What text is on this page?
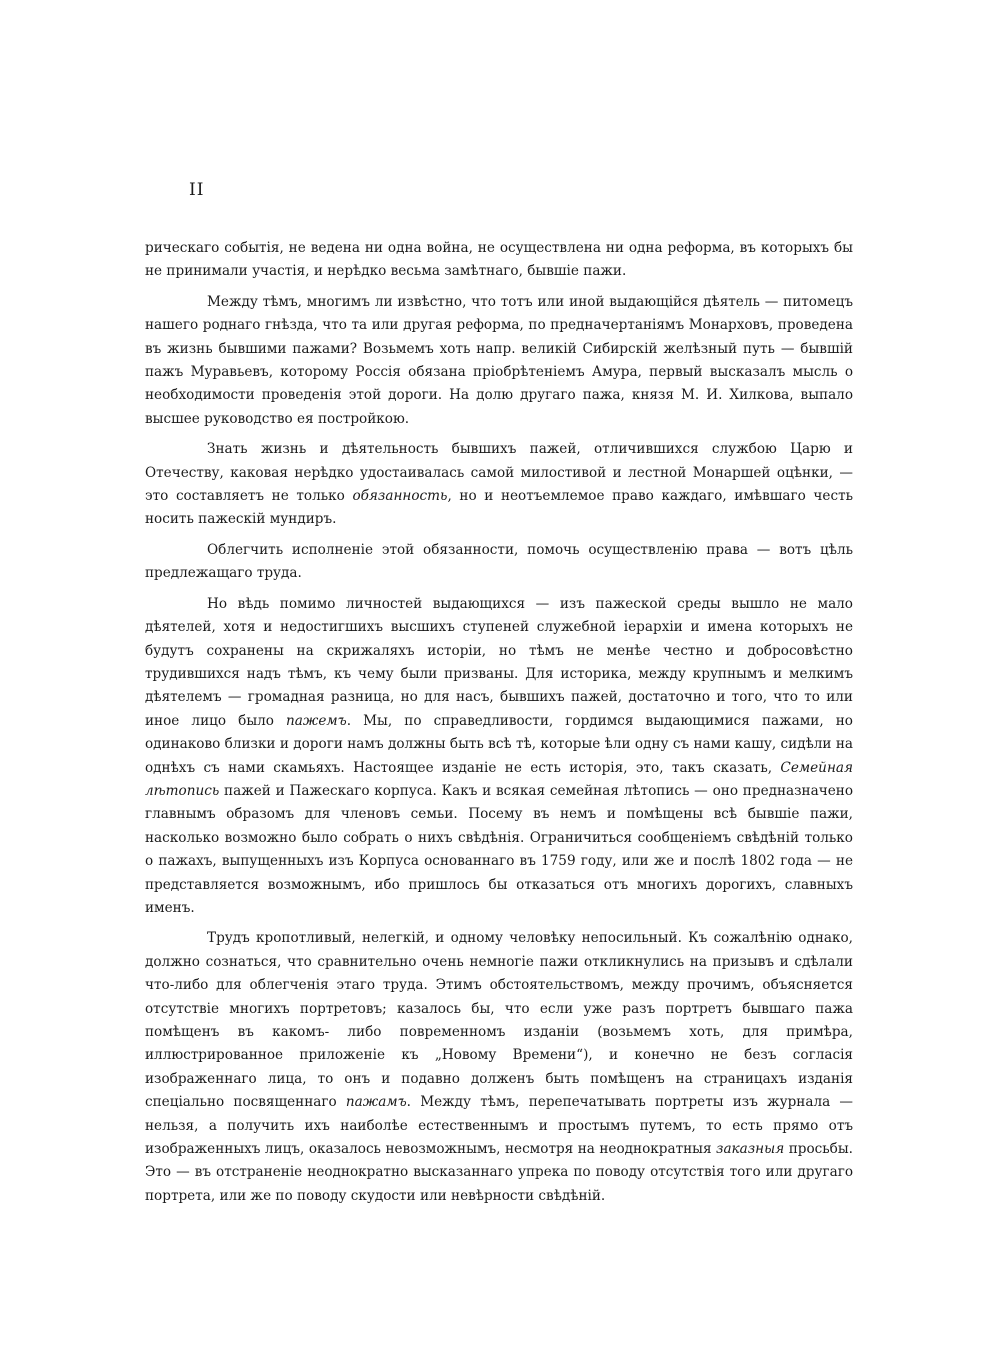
II

рическаго событія, не ведена ни одна война, не осуществлена ни одна реформа, въ которыхъ бы не принимали участія, и нерѣдко весьма замѣтнаго, бывшіе пажи.

Между тѣмъ, многимъ ли извѣстно, что тотъ или иной выдающійся дѣятель — питомецъ нашего роднаго гнѣзда, что та или другая реформа, по предначертаніямъ Монарховъ, проведена въ жизнь бывшими пажами? Возьмемъ хоть напр. великій Сибирскій желѣзный путь — бывшій пажъ Муравьевъ, которому Россія обязана пріобрѣтеніемъ Амура, первый высказалъ мысль о необходимости проведенія этой дороги. На долю другаго пажа, князя М. И. Хилкова, выпало высшее руководство ея постройкою.

Знать жизнь и дѣятельность бывшихъ пажей, отличившихся службою Царю и Отечеству, каковая нерѣдко удостаивалась самой милостивой и лестной Монаршей оцѣнки, — это составляетъ не только обязанность, но и неотъемлемое право каждаго, имѣвшаго честь носить пажескій мундиръ.

Облегчить исполненіе этой обязанности, помочь осуществленію права — вотъ цѣль предлежащаго труда.

Но вѣдь помимо личностей выдающихся — изъ пажеской среды вышло не мало дѣятелей, хотя и недостигшихъ высшихъ ступеней служебной іерархіи и имена которыхъ не будутъ сохранены на скрижаляхъ исторіи, но тѣмъ не менѣе честно и добросовѣстно трудившихся надъ тѣмъ, къ чему были призваны. Для историка, между крупнымъ и мелкимъ дѣятелемъ — громадная разница, но для насъ, бывшихъ пажей, достаточно и того, что то или иное лицо было пажемъ. Мы, по справедливости, гордимся выдающимися пажами, но одинаково близки и дороги намъ должны быть всѣ тѣ, которые ѣли одну съ нами кашу, сидѣли на однѣхъ съ нами скамьяхъ. Настоящее изданіе не есть исторія, это, такъ сказать, Семейная лѣтопись пажей и Пажескаго корпуса. Какъ и всякая семейная лѣтопись — оно предназначено главнымъ образомъ для членовъ семьи. Посему въ немъ и помѣщены всѣ бывшіе пажи, насколько возможно было собрать о нихъ свѣдѣнія. Ограничиться сообщеніемъ свѣдѣній только о пажахъ, выпущенныхъ изъ Корпуса основаннаго въ 1759 году, или же и послѣ 1802 года — не представляется возможнымъ, ибо пришлось бы отказаться отъ многихъ дорогихъ, славныхъ именъ.

Трудъ кропотливый, нелегкій, и одному человѣку непосильный. Къ сожалѣнію однако, должно сознаться, что сравнительно очень немногіе пажи откликнулись на призывъ и сдѣлали что-либо для облегченія этаго труда. Этимъ обстоятельствомъ, между прочимъ, объясняется отсутствіе многихъ портретовъ; казалось бы, что если уже разъ портретъ бывшаго пажа помѣщенъ въ какомъ- либо повременномъ изданіи (возьмемъ хоть, для примѣра, иллюстрированное приложеніе къ „Новому Времени“), и конечно не безъ согласія изображеннаго лица, то онъ и подавно долженъ быть помѣщенъ на страницахъ изданія спеціально посвященнаго пажамъ. Между тѣмъ, перепечатывать портреты изъ журнала — нельзя, а получить ихъ наиболѣе естественнымъ и простымъ путемъ, то есть прямо отъ изображенныхъ лицъ, оказалось невозможнымъ, несмотря на неоднократныя заказныя просьбы. Это — въ отстраненіе неоднократно высказаннаго упрека по поводу отсутствія того или другаго портрета, или же по поводу скудости или невѣрности свѣдѣній.
